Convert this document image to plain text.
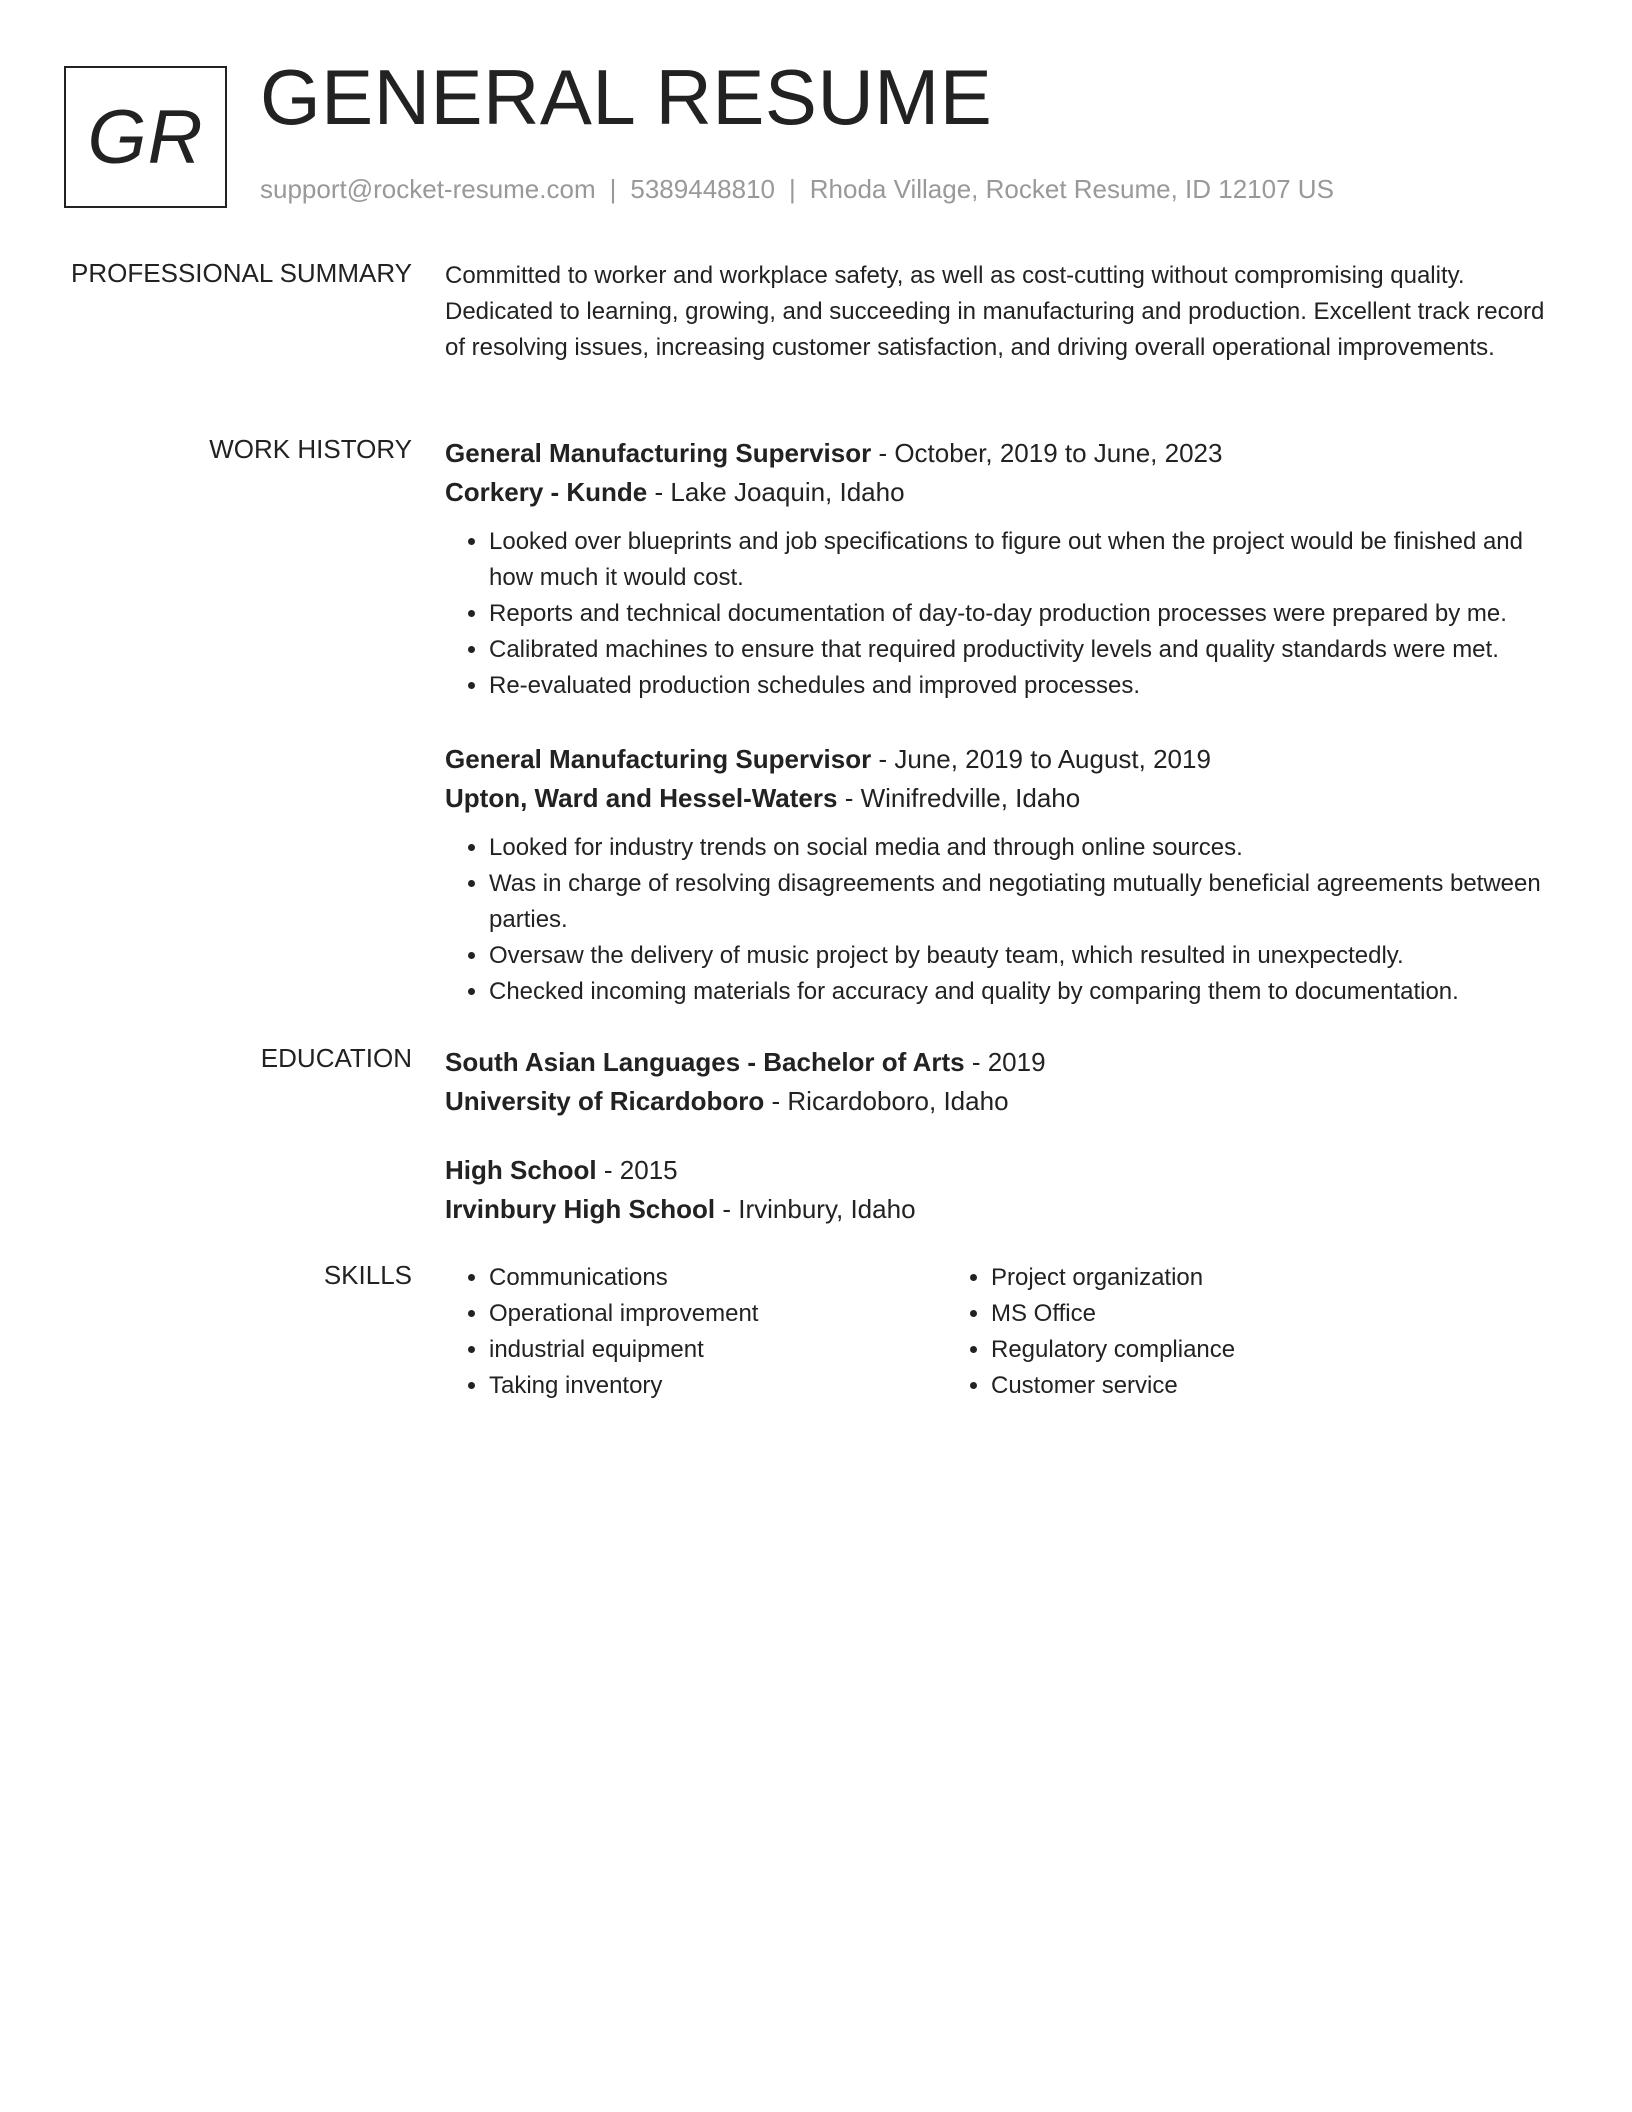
GR GENERAL RESUME
support@rocket-resume.com | 5389448810 | Rhoda Village, Rocket Resume, ID 12107 US
PROFESSIONAL SUMMARY Committed to worker and workplace safety, as well as cost-cutting without compromising quality. Dedicated to learning, growing, and succeeding in manufacturing and production. Excellent track record of resolving issues, increasing customer satisfaction, and driving overall operational improvements.

WORK HISTORY General Manufacturing Supervisor - October, 2019 to June, 2023
Corkery - Kunde - Lake Joaquin, Idaho
• Looked over blueprints and job specifications to figure out when the project would be finished and how much it would cost.
• Reports and technical documentation of day-to-day production processes were prepared by me.
• Calibrated machines to ensure that required productivity levels and quality standards were met.
• Re-evaluated production schedules and improved processes.
General Manufacturing Supervisor - June, 2019 to August, 2019
Upton, Ward and Hessel-Waters - Winifredville, Idaho
• Looked for industry trends on social media and through online sources.
• Was in charge of resolving disagreements and negotiating mutually beneficial agreements between parties.
• Oversaw the delivery of music project by beauty team, which resulted in unexpectedly.
• Checked incoming materials for accuracy and quality by comparing them to documentation.
EDUCATION South Asian Languages - Bachelor of Arts - 2019
University of Ricardoboro - Ricardoboro, Idaho
High School - 2015
Irvinbury High School - Irvinbury, Idaho
SKILLS
•	Communications
• Operational improvement
• industrial equipment
• Taking inventory
• Project organization
• MS Office
• Regulatory compliance
• Customer service
